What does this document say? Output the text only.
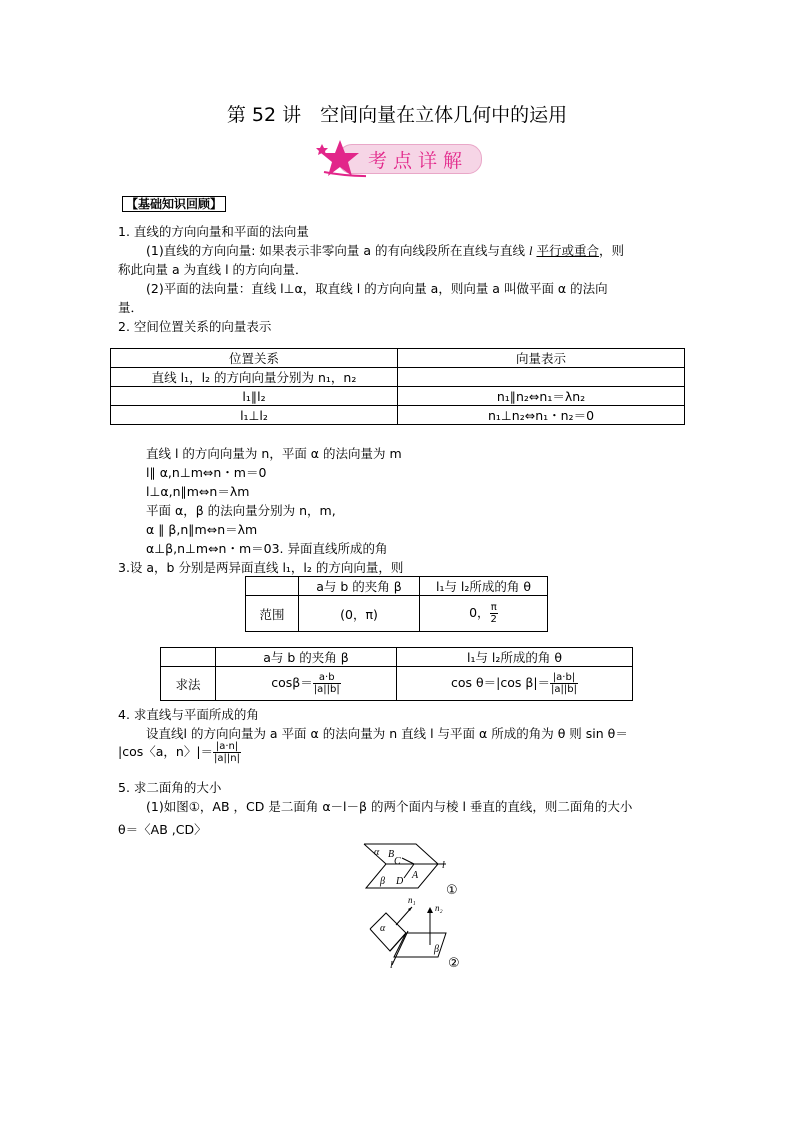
第 52 讲　空间向量在立体几何中的运用
考点详解
【基础知识回顾】
1. 直线的方向向量和平面的法向量
(1)直线的方向向量: 如果表示非零向量 a 的有向线段所在直线与直线 l 平行或重合，则
称此向量 a 为直线 l 的方向向量．
(2)平面的法向量：直线 l⊥α，取直线 l 的方向向量 a，则向量 a 叫做平面 α 的法向
量．
2. 空间位置关系的向量表示
位置关系	向量表示
直线 l₁，l₂ 的方向向量分别为 n₁，n₂	
l₁∥l₂	n₁∥n₂⇔n₁＝λn₂
l₁⊥l₂	n₁⊥n₂⇔n₁・n₂＝0
直线 l 的方向向量为 n，平面 α 的法向量为 m
l∥ α,n⊥m⇔n・m＝0
l⊥α,n∥m⇔n＝λm
平面 α，β 的法向量分别为 n，m,
α ∥ β,n∥m⇔n＝λm
α⊥β,n⊥m⇔n・m＝03. 异面直线所成的角
3.设 a，b 分别是两异面直线 l₁，l₂ 的方向向量，则
	a与 b 的夹角 β	l₁与 l₂所成的角 θ
范围	(0，π)	0， $\frac{\pi}{2}$
	a与 b 的夹角 β	l₁与 l₂所成的角 θ
求法	$\cos\beta= \frac{a\cdot b}{|a||b|}$	cos θ＝|cos $\beta|= \frac{|a\cdot b|}{|a||b|}$
4. 求直线与平面所成的角
设直线l 的方向向量为 a 平面 α 的法向量为 n 直线 l 与平面 α 所成的角为 θ 则 sin θ＝
|cos〈a，n〉|＝ $\frac{|a\cdot n|}{|a||n|}$
5. 求二面角的大小
(1)如图①，AB ，CD 是二面角 α－l－β 的两个面内与棱 l 垂直的直线，则二面角的大小
θ＝〈AB ,CD〉
α B
C
β D
A
l
①
n₁
n₂
α
β
l	②
